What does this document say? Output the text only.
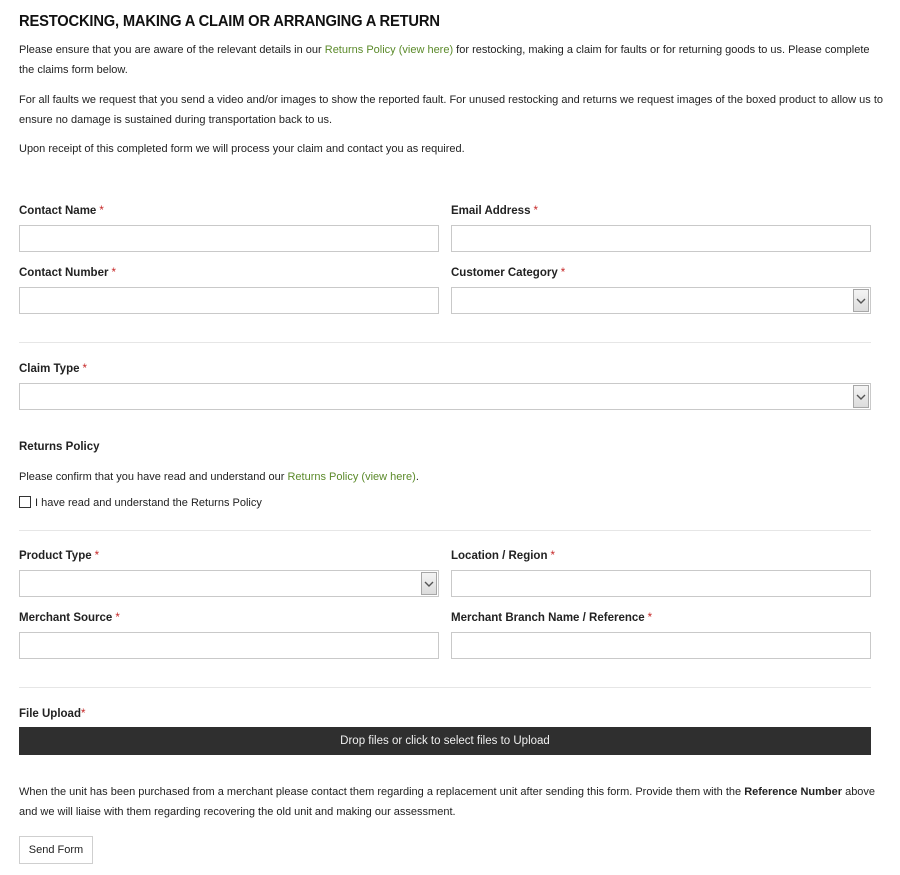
RESTOCKING, MAKING A CLAIM OR ARRANGING A RETURN
Please ensure that you are aware of the relevant details in our Returns Policy (view here) for restocking, making a claim for faults or for returning goods to us. Please complete the claims form below.
For all faults we request that you send a video and/or images to show the reported fault. For unused restocking and returns we request images of the boxed product to allow us to ensure no damage is sustained during transportation back to us.
Upon receipt of this completed form we will process your claim and contact you as required.
Contact Name *	Email Address *
Contact Number *	Customer Category *
Claim Type *
Returns Policy
Please confirm that you have read and understand our Returns Policy (view here).
I have read and understand the Returns Policy
Product Type *	Location / Region *
Merchant Source *	Merchant Branch Name / Reference *
File Upload*
Drop files or click to select files to Upload
When the unit has been purchased from a merchant please contact them regarding a replacement unit after sending this form. Provide them with the Reference Number above and we will liaise with them regarding recovering the old unit and making our assessment.
Send Form
